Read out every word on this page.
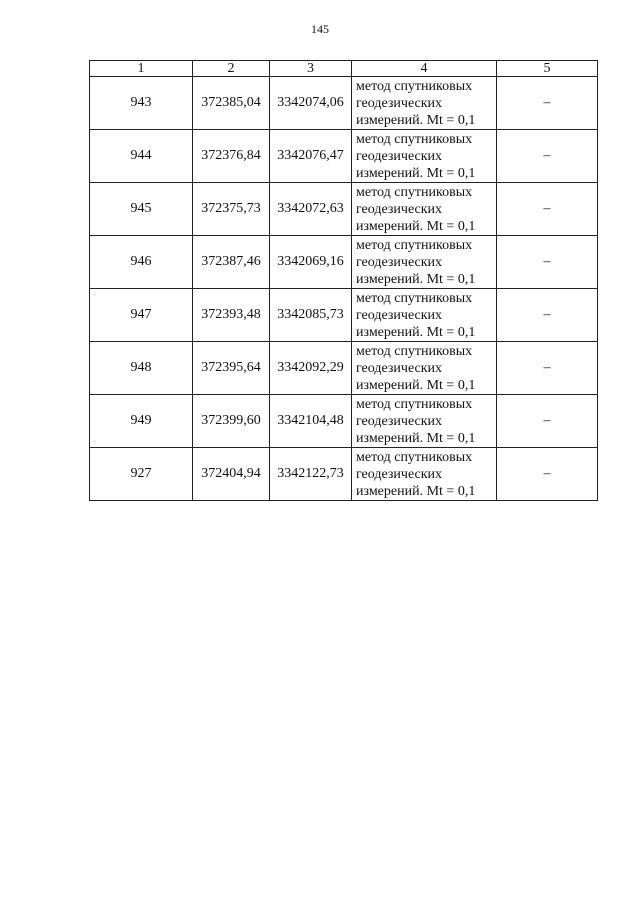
145
1	2	3	4	5
943	372385,04	3342074,06	метод спутниковых
геодезических
измерений. Mt = 0,1	–
944	372376,84	3342076,47	метод спутниковых
геодезических
измерений. Mt = 0,1	–
945	372375,73	3342072,63	метод спутниковых
геодезических
измерений. Mt = 0,1	–
946	372387,46	3342069,16	метод спутниковых
геодезических
измерений. Mt = 0,1	–
947	372393,48	3342085,73	метод спутниковых
геодезических
измерений. Mt = 0,1	–
948	372395,64	3342092,29	метод спутниковых
геодезических
измерений. Mt = 0,1	–
949	372399,60	3342104,48	метод спутниковых
геодезических
измерений. Mt = 0,1	–
927	372404,94	3342122,73	метод спутниковых
геодезических
измерений. Mt = 0,1	–
